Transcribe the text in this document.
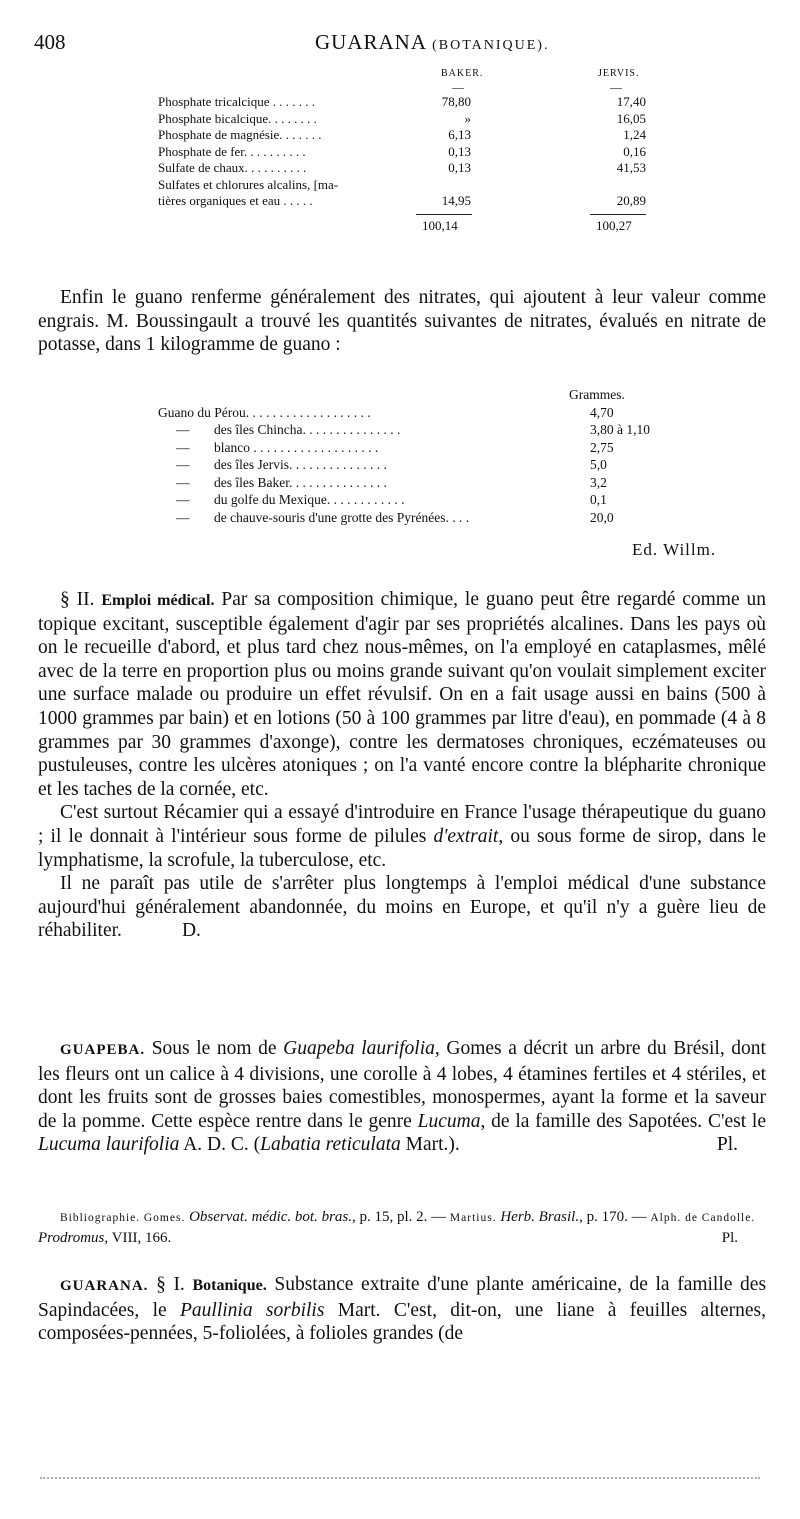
408	GUARANA (BOTANIQUE).
BAKER.	JERVIS.
—	—
Phosphate tricalcique . . . . . . .	78,80	17,40
Phosphate bicalcique. . . . . . . .	»	16,05
Phosphate de magnésie. . . . . . .	6,13	1,24
Phosphate de fer. . . . . . . . . .	0,13	0,16
Sulfate de chaux. . . . . . . . . .	0,13	41,53
Sulfates et chlorures alcalins, [ma-
tières organiques et eau . . . . .	14,95	20,89
100,14	100,27

Enfin le guano renferme généralement des nitrates, qui ajoutent à leur valeur comme engrais. M. Boussingault a trouvé les quantités suivantes de nitrates, évalués en nitrate de potasse, dans 1 kilogramme de guano :

Grammes.
Guano du Pérou. . . . . . . . . . . . . . . . . . .	4,70
— des îles Chincha. . . . . . . . . . . . . . .	3,80 à 1,10
— blanco . . . . . . . . . . . . . . . . . . .	2,75
— des îles Jervis. . . . . . . . . . . . . . .	5,0
— des îles Baker. . . . . . . . . . . . . . .	3,2
— du golfe du Mexique. . . . . . . . . . . .	0,1
— de chauve-souris d'une grotte des Pyrénées. . . .	20,0
Ed. Willm.

§ II. Emploi médical. Par sa composition chimique, le guano peut être regardé comme un topique excitant, susceptible également d'agir par ses propriétés alcalines. Dans les pays où on le recueille d'abord, et plus tard chez nous-mêmes, on l'a employé en cataplasmes, mêlé avec de la terre en proportion plus ou moins grande suivant qu'on voulait simplement exciter une surface malade ou produire un effet révulsif. On en a fait usage aussi en bains (500 à 1000 grammes par bain) et en lotions (50 à 100 grammes par litre d'eau), en pommade (4 à 8 grammes par 30 grammes d'axonge), contre les dermatoses chroniques, eczémateuses ou pustuleuses, contre les ulcères atoniques ; on l'a vanté encore contre la blépharite chronique et les taches de la cornée, etc.

C'est surtout Récamier qui a essayé d'introduire en France l'usage thérapeutique du guano ; il le donnait à l'intérieur sous forme de pilules d'extrait, ou sous forme de sirop, dans le lymphatisme, la scrofule, la tuberculose, etc.

Il ne paraît pas utile de s'arrêter plus longtemps à l'emploi médical d'une substance aujourd'hui généralement abandonnée, du moins en Europe, et qu'il n'y a guère lieu de réhabiliter.	D.

GUAPEBA. Sous le nom de Guapeba laurifolia, Gomes a décrit un arbre du Brésil, dont les fleurs ont un calice à 4 divisions, une corolle à 4 lobes, 4 étamines fertiles et 4 stériles, et dont les fruits sont de grosses baies comestibles, monospermes, ayant la forme et la saveur de la pomme. Cette espèce rentre dans le genre Lucuma, de la famille des Sapotées. C'est le Lucuma laurifolia A. D. C. (Labatia reticulata Mart.).	Pl.

Bibliographie. Gomes. Observat. médic. bot. bras., p. 15, pl. 2. — Martius. Herb. Brasil., p. 170. — Alph. de Candolle. Prodromus, VIII, 166.	Pl.

GUARANA. § I. Botanique. Substance extraite d'une plante américaine, de la famille des Sapindacées, le Paullinia sorbilis Mart. C'est, dit-on, une liane à feuilles alternes, composées-pennées, 5-foliolées, à folioles grandes (de
